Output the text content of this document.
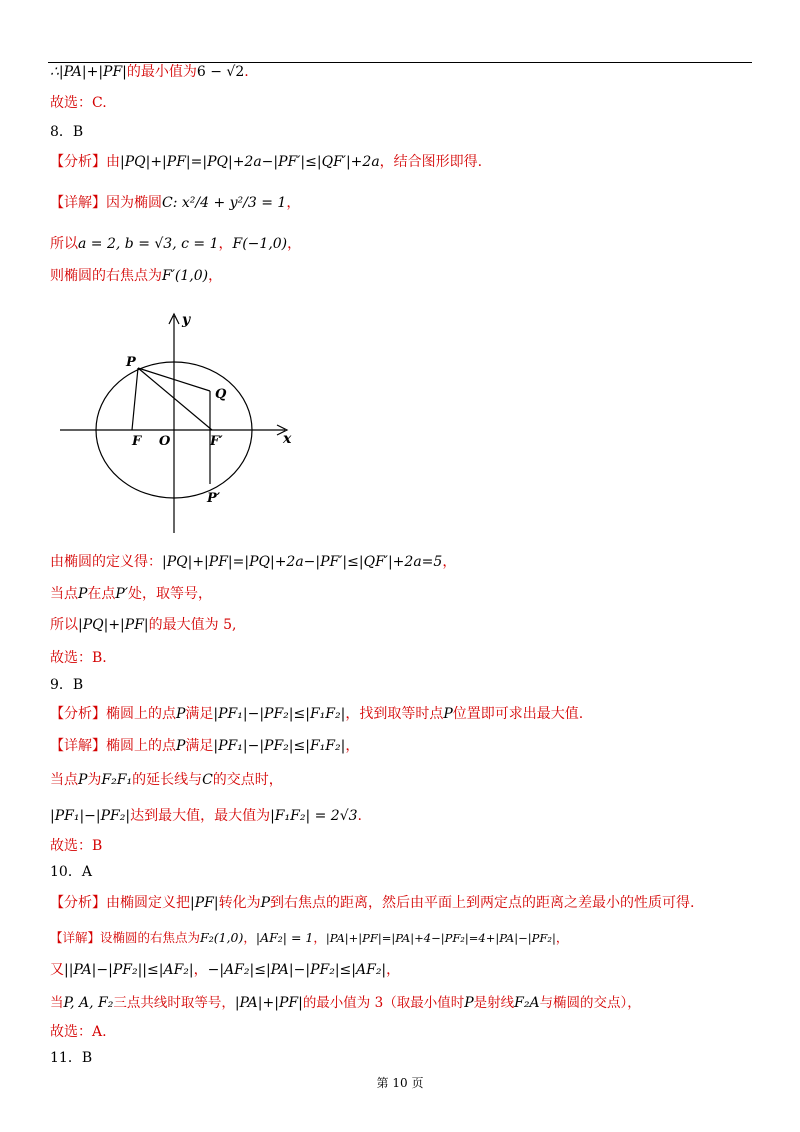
∴|PA|+|PF|的最小值为6 − √2.
故选：C.
8．B
【分析】由|PQ|+|PF|=|PQ|+2a−|PF′|≤|QF′|+2a，结合图形即得.
【详解】因为椭圆C: x²/4 + y²/3 = 1，
所以a = 2, b = √3, c = 1，F(−1,0)，
则椭圆的右焦点为F′(1,0)，
y
x
P
Q
F O	F′
P′
由椭圆的定义得：|PQ|+|PF|=|PQ|+2a−|PF′|≤|QF′|+2a=5，
当点P在点P′处，取等号，
所以|PQ|+|PF|的最大值为 5,
故选：B.
9．B
【分析】椭圆上的点P满足|PF₁|−|PF₂|≤|F₁F₂|，找到取等时点P位置即可求出最大值.
【详解】椭圆上的点P满足|PF₁|−|PF₂|≤|F₁F₂|，
当点P为F₂F₁的延长线与C的交点时，
|PF₁|−|PF₂|达到最大值，最大值为|F₁F₂| = 2√3.
故选：B
10．A
【分析】由椭圆定义把|PF|转化为P到右焦点的距离，然后由平面上到两定点的距离之差最小的性质可得.
【详解】设椭圆的右焦点为F₂(1,0)，|AF₂| = 1，|PA|+|PF|=|PA|+4−|PF₂|=4+|PA|−|PF₂|，
又||PA|−|PF₂||≤|AF₂|，−|AF₂|≤|PA|−|PF₂|≤|AF₂|，
当P, A, F₂三点共线时取等号，|PA|+|PF|的最小值为 3（取最小值时P是射线F₂A与椭圆的交点），
故选：A.
11．B
第 10 页
